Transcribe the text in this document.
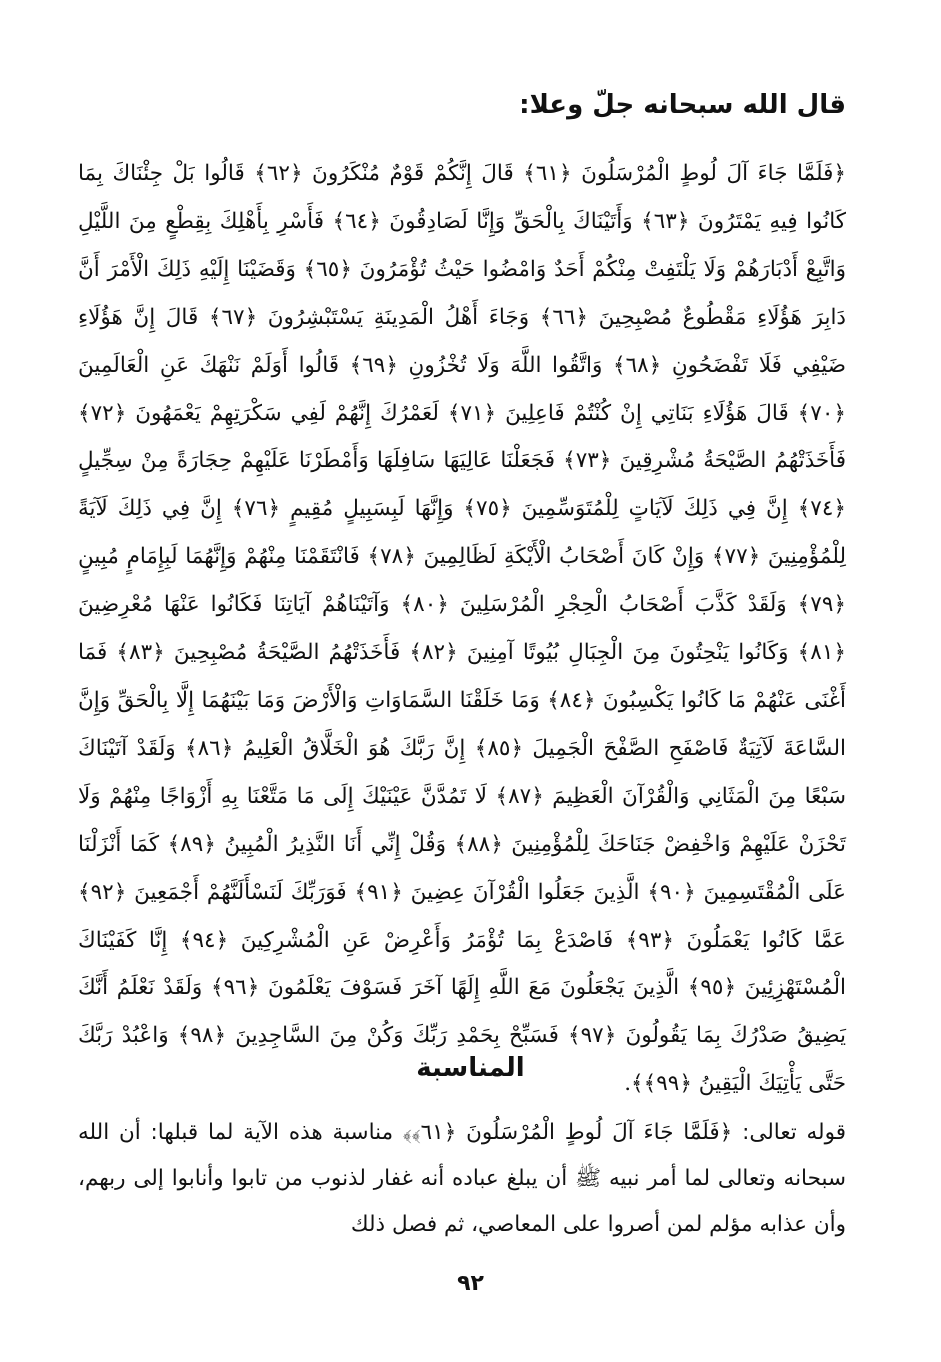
قال الله سبحانه جلّ وعلا:
﴿فَلَمَّا جَاءَ آلَ لُوطٍ الْمُرْسَلُونَ ﴿٦١﴾ قَالَ إِنَّكُمْ قَوْمٌ مُنْكَرُونَ ﴿٦٢﴾ قَالُوا بَلْ جِئْنَاكَ بِمَا كَانُوا فِيهِ يَمْتَرُونَ ﴿٦٣﴾ وَأَتَيْنَاكَ بِالْحَقِّ وَإِنَّا لَصَادِقُونَ ﴿٦٤﴾ فَأَسْرِ بِأَهْلِكَ بِقِطْعٍ مِنَ اللَّيْلِ وَاتَّبِعْ أَدْبَارَهُمْ وَلَا يَلْتَفِتْ مِنْكُمْ أَحَدٌ وَامْضُوا حَيْثُ تُؤْمَرُونَ ﴿٦٥﴾ وَقَضَيْنَا إِلَيْهِ ذَلِكَ الْأَمْرَ أَنَّ دَابِرَ هَؤُلَاءِ مَقْطُوعٌ مُصْبِحِينَ ﴿٦٦﴾ وَجَاءَ أَهْلُ الْمَدِينَةِ يَسْتَبْشِرُونَ ﴿٦٧﴾ قَالَ إِنَّ هَؤُلَاءِ ضَيْفِي فَلَا تَفْضَحُونِ ﴿٦٨﴾ وَاتَّقُوا اللَّهَ وَلَا تُخْزُونِ ﴿٦٩﴾ قَالُوا أَوَلَمْ نَنْهَكَ عَنِ الْعَالَمِينَ ﴿٧٠﴾ قَالَ هَؤُلَاءِ بَنَاتِي إِنْ كُنْتُمْ فَاعِلِينَ ﴿٧١﴾ لَعَمْرُكَ إِنَّهُمْ لَفِي سَكْرَتِهِمْ يَعْمَهُونَ ﴿٧٢﴾ فَأَخَذَتْهُمُ الصَّيْحَةُ مُشْرِقِينَ ﴿٧٣﴾ فَجَعَلْنَا عَالِيَهَا سَافِلَهَا وَأَمْطَرْنَا عَلَيْهِمْ حِجَارَةً مِنْ سِجِّيلٍ ﴿٧٤﴾ إِنَّ فِي ذَلِكَ لَآيَاتٍ لِلْمُتَوَسِّمِينَ ﴿٧٥﴾ وَإِنَّهَا لَبِسَبِيلٍ مُقِيمٍ ﴿٧٦﴾ إِنَّ فِي ذَلِكَ لَآيَةً لِلْمُؤْمِنِينَ ﴿٧٧﴾ وَإِنْ كَانَ أَصْحَابُ الْأَيْكَةِ لَظَالِمِينَ ﴿٧٨﴾ فَانْتَقَمْنَا مِنْهُمْ وَإِنَّهُمَا لَبِإِمَامٍ مُبِينٍ ﴿٧٩﴾ وَلَقَدْ كَذَّبَ أَصْحَابُ الْحِجْرِ الْمُرْسَلِينَ ﴿٨٠﴾ وَآتَيْنَاهُمْ آيَاتِنَا فَكَانُوا عَنْهَا مُعْرِضِينَ ﴿٨١﴾ وَكَانُوا يَنْحِتُونَ مِنَ الْجِبَالِ بُيُوتًا آمِنِينَ ﴿٨٢﴾ فَأَخَذَتْهُمُ الصَّيْحَةُ مُصْبِحِينَ ﴿٨٣﴾ فَمَا أَغْنَى عَنْهُمْ مَا كَانُوا يَكْسِبُونَ ﴿٨٤﴾ وَمَا خَلَقْنَا السَّمَاوَاتِ وَالْأَرْضَ وَمَا بَيْنَهُمَا إِلَّا بِالْحَقِّ وَإِنَّ السَّاعَةَ لَآتِيَةٌ فَاصْفَحِ الصَّفْحَ الْجَمِيلَ ﴿٨٥﴾ إِنَّ رَبَّكَ هُوَ الْخَلَّاقُ الْعَلِيمُ ﴿٨٦﴾ وَلَقَدْ آتَيْنَاكَ سَبْعًا مِنَ الْمَثَانِي وَالْقُرْآنَ الْعَظِيمَ ﴿٨٧﴾ لَا تَمُدَّنَّ عَيْنَيْكَ إِلَى مَا مَتَّعْنَا بِهِ أَزْوَاجًا مِنْهُمْ وَلَا تَحْزَنْ عَلَيْهِمْ وَاخْفِضْ جَنَاحَكَ لِلْمُؤْمِنِينَ ﴿٨٨﴾ وَقُلْ إِنِّي أَنَا النَّذِيرُ الْمُبِينُ ﴿٨٩﴾ كَمَا أَنْزَلْنَا عَلَى الْمُقْتَسِمِينَ ﴿٩٠﴾ الَّذِينَ جَعَلُوا الْقُرْآنَ عِضِينَ ﴿٩١﴾ فَوَرَبِّكَ لَنَسْأَلَنَّهُمْ أَجْمَعِينَ ﴿٩٢﴾ عَمَّا كَانُوا يَعْمَلُونَ ﴿٩٣﴾ فَاصْدَعْ بِمَا تُؤْمَرُ وَأَعْرِضْ عَنِ الْمُشْرِكِينَ ﴿٩٤﴾ إِنَّا كَفَيْنَاكَ الْمُسْتَهْزِئِينَ ﴿٩٥﴾ الَّذِينَ يَجْعَلُونَ مَعَ اللَّهِ إِلَهًا آخَرَ فَسَوْفَ يَعْلَمُونَ ﴿٩٦﴾ وَلَقَدْ نَعْلَمُ أَنَّكَ يَضِيقُ صَدْرُكَ بِمَا يَقُولُونَ ﴿٩٧﴾ فَسَبِّحْ بِحَمْدِ رَبِّكَ وَكُنْ مِنَ السَّاجِدِينَ ﴿٩٨﴾ وَاعْبُدْ رَبَّكَ حَتَّى يَأْتِيَكَ الْيَقِينُ ﴿٩٩﴾﴾.
المناسبة
قوله تعالى: ﴿فَلَمَّا جَاءَ آلَ لُوطٍ الْمُرْسَلُونَ ﴿٦١﴾﴾ مناسبة هذه الآية لما قبلها: أن الله سبحانه وتعالى لما أمر نبيه ﷺ أن يبلغ عباده أنه غفار لذنوب من تابوا وأنابوا إلى ربهم، وأن عذابه مؤلم لمن أصروا على المعاصي، ثم فصل ذلك
٩٢
